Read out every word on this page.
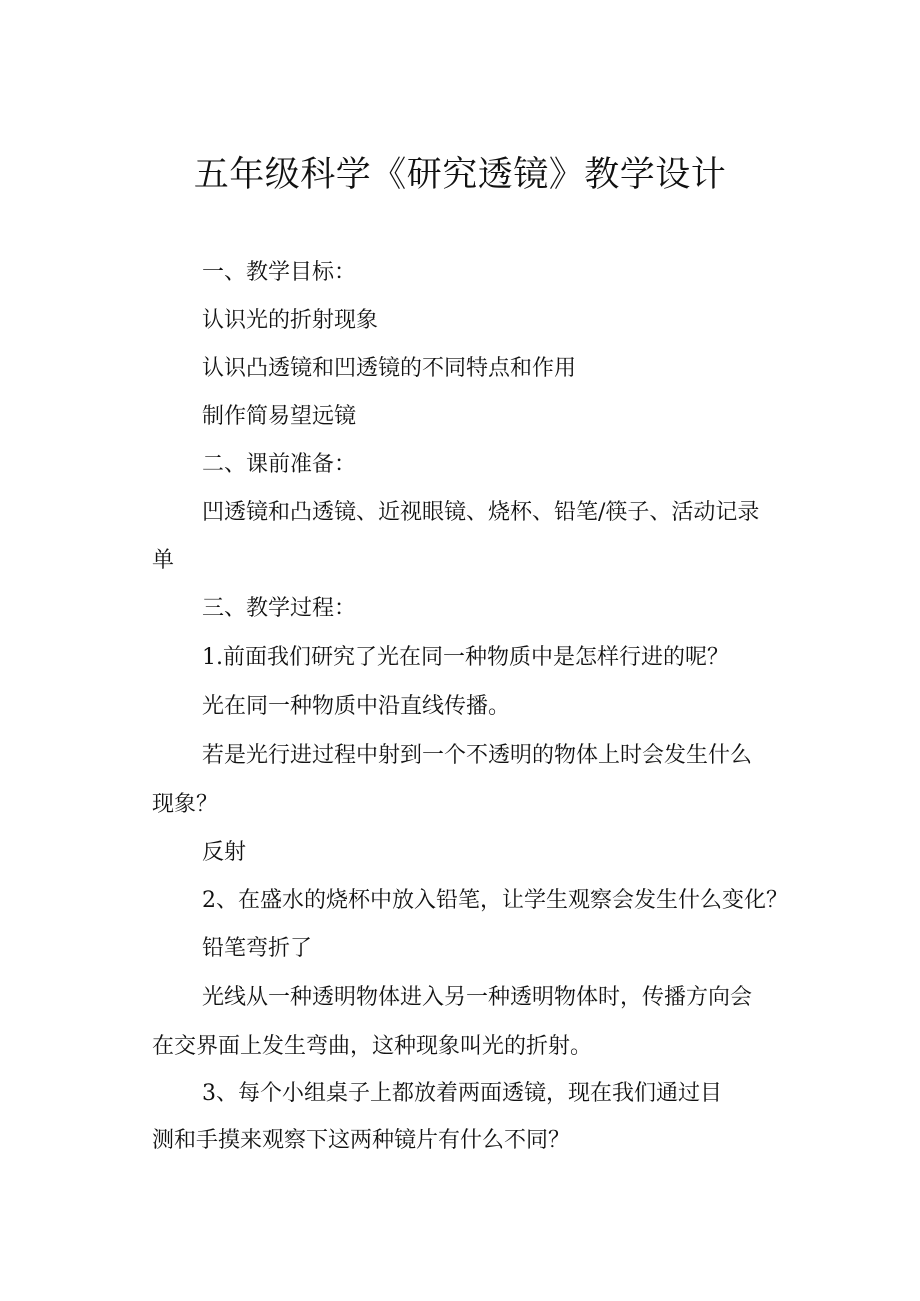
五年级科学《研究透镜》教学设计
一、教学目标：
认识光的折射现象
认识凸透镜和凹透镜的不同特点和作用
制作简易望远镜
二、课前准备：
凹透镜和凸透镜、近视眼镜、烧杯、铅笔/筷子、活动记录
单
三、教学过程：
1.前面我们研究了光在同一种物质中是怎样行进的呢？
光在同一种物质中沿直线传播。
若是光行进过程中射到一个不透明的物体上时会发生什么
现象？
反射
2、在盛水的烧杯中放入铅笔，让学生观察会发生什么变化？
铅笔弯折了
光线从一种透明物体进入另一种透明物体时，传播方向会
在交界面上发生弯曲，这种现象叫光的折射。
3、每个小组桌子上都放着两面透镜，现在我们通过目
测和手摸来观察下这两种镜片有什么不同？
